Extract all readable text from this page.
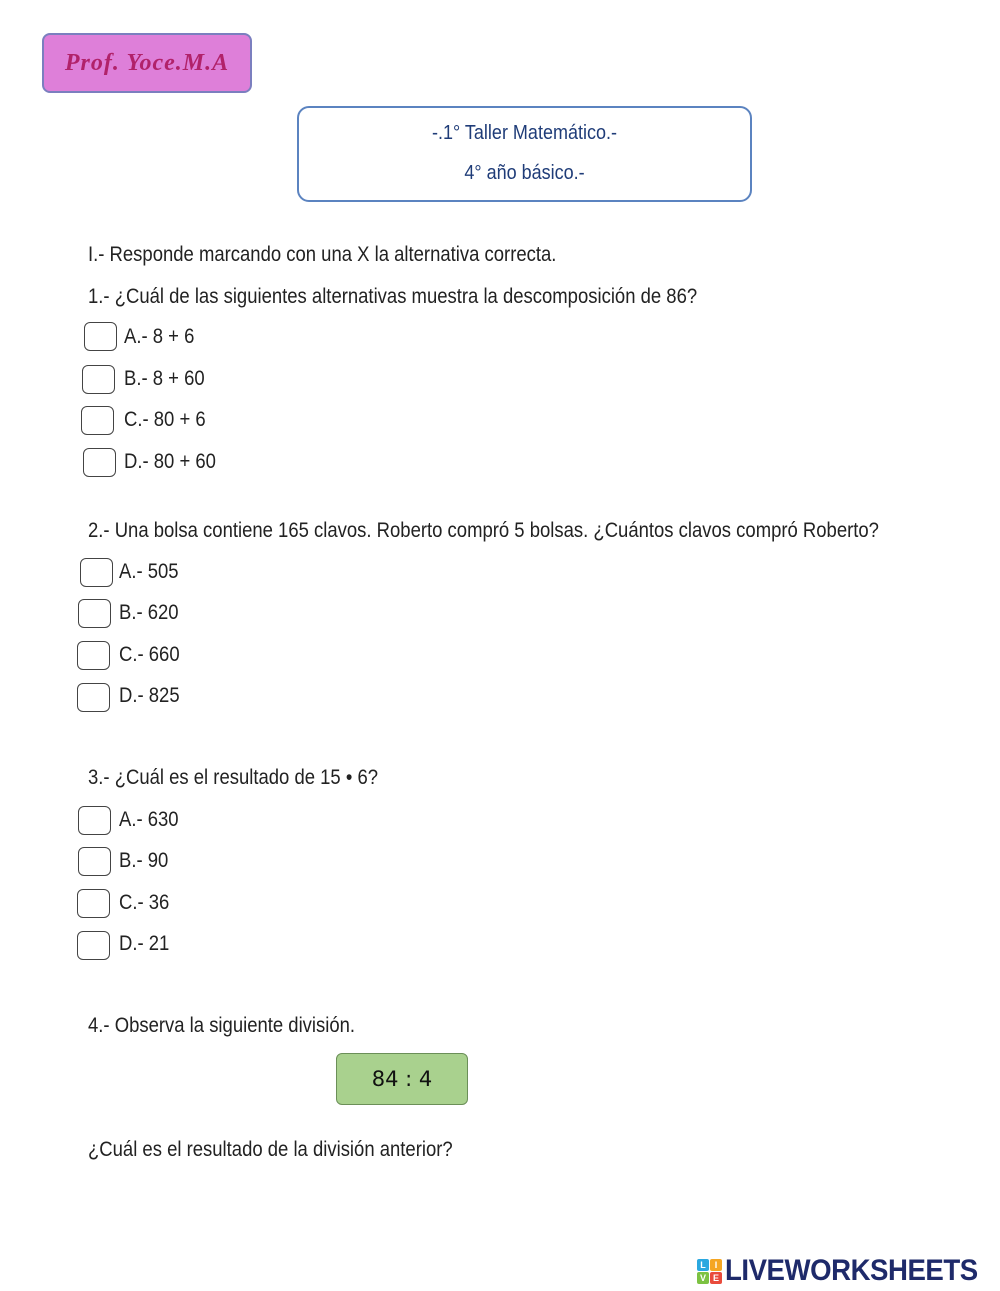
Prof. Yoce.M.A
-.1° Taller Matemático.-
4° año básico.-
I.- Responde marcando con una X la alternativa correcta.
1.- ¿Cuál de las siguientes alternativas muestra la descomposición de 86?
A.- 8 + 6
B.- 8 + 60
C.- 80 + 6
D.- 80 + 60
2.- Una bolsa contiene 165 clavos. Roberto compró 5 bolsas. ¿Cuántos clavos compró Roberto?
A.- 505
B.- 620
C.- 660
D.- 825
3.- ¿Cuál es el resultado de 15 • 6?
A.- 630
B.- 90
C.- 36
D.- 21
4.- Observa la siguiente división.
84 : 4
¿Cuál es el resultado de la división anterior?
L I
V E LIVEWORKSHEETS
